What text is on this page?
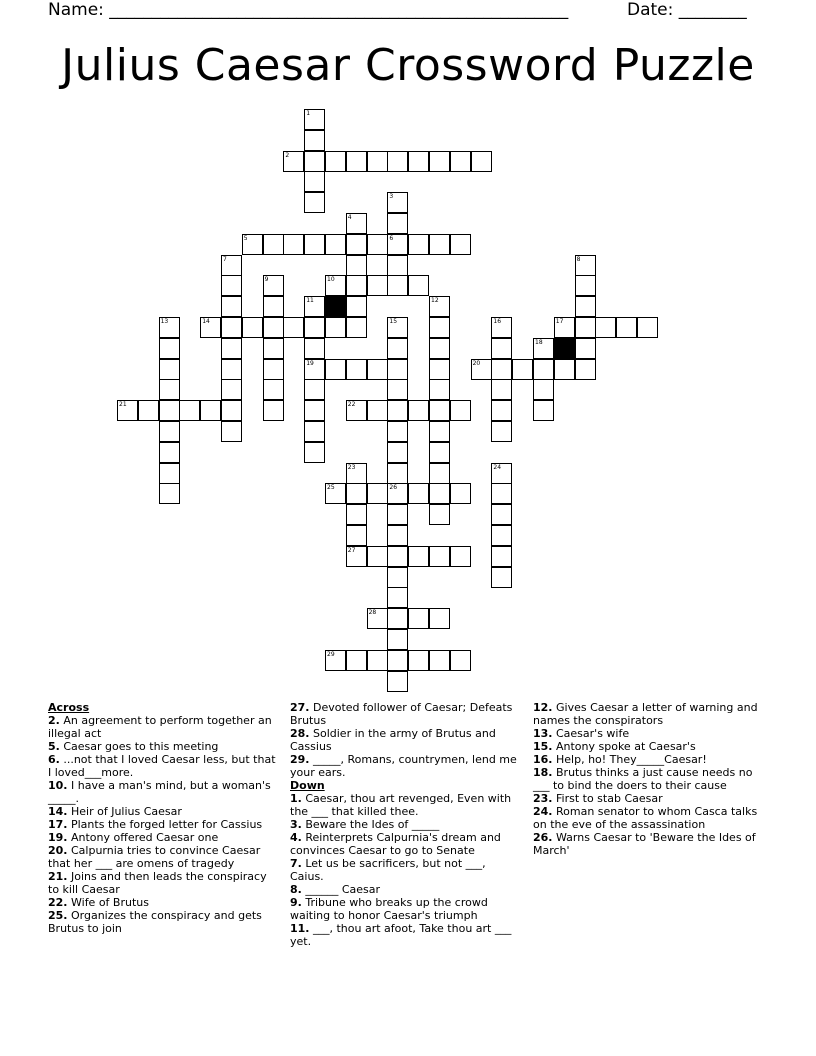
Name: ______________________________________________________	Date: ________
Julius Caesar Crossword Puzzle
1
2
3
6
4
5
7	8
9	10
11
19
12
13	14	15
26
16	17
18
20
21	22
23	24
25
27
28
29
Across

2. An agreement to perform together an illegal act

5. Caesar goes to this meeting

6. ...not that I loved Caesar less, but that I loved___more.

10. I have a man's mind, but a woman's _____.

14. Heir of Julius Caesar

17. Plants the forged letter for Cassius

19. Antony offered Caesar one

20. Calpurnia tries to convince Caesar that her ___ are omens of tragedy

21. Joins and then leads the conspiracy to kill Caesar

22. Wife of Brutus

25. Organizes the conspiracy and gets Brutus to join

27. Devoted follower of Caesar; Defeats Brutus

28. Soldier in the army of Brutus and Cassius

29. _____, Romans, countrymen, lend me your ears.

Down

1. Caesar, thou art revenged, Even with the ___ that killed thee.

3. Beware the Ides of _____

4. Reinterprets Calpurnia's dream and convinces Caesar to go to Senate

7. Let us be sacrificers, but not ___, Caius.

8. ______ Caesar

9. Tribune who breaks up the crowd waiting to honor Caesar's triumph

11. ___, thou art afoot, Take thou art ___ yet.

12. Gives Caesar a letter of warning and names the conspirators

13. Caesar's wife

15. Antony spoke at Caesar's

16. Help, ho! They_____Caesar!

18. Brutus thinks a just cause needs no ___ to bind the doers to their cause

23. First to stab Caesar

24. Roman senator to whom Casca talks on the eve of the assassination

26. Warns Caesar to 'Beware the Ides of March'
